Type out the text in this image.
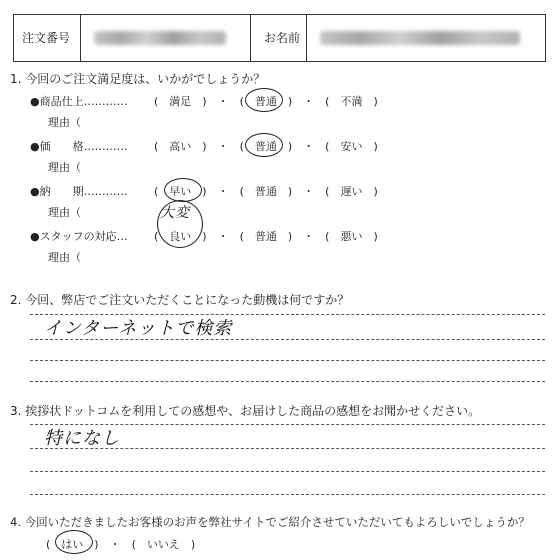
注文番号	お名前
1. 今回のご注文満足度は、いかがでしょうか？
●商品仕上………… (　満足　)　・　(　普通　)　・　(　不満　)
理由（
●価　　格………… (　高い　)　・　(　普通　)　・　(　安い　)
理由（
●納　　期………… (　早い　)　・　(　普通　)　・　(　遅い　)
理由（	大変
●スタッフの対応… (　良い　)　・　(　普通　)　・　(　悪い　)
理由（
2. 今回、弊店でご注文いただくことになった動機は何ですか？
インターネットで検索
3. 挨拶状ドットコムを利用しての感想や、お届けした商品の感想をお聞かせください。
特になし
4. 今回いただきましたお客様のお声を弊社サイトでご紹介させていただいてもよろしいでしょうか？
(　はい　)　・　(　いいえ　)
